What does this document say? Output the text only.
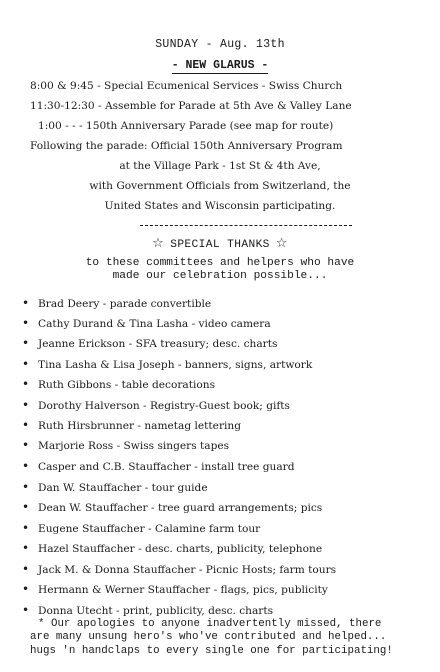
SUNDAY - Aug. 13th
- NEW GLARUS -
8:00 & 9:45 - Special Ecumenical Services - Swiss Church
11:30-12:30 - Assemble for Parade at 5th Ave & Valley Lane
1:00 - - - 150th Anniversary Parade (see map for route)
Following the parade: Official 150th Anniversary Program
at the Village Park - 1st St & 4th Ave,
with Government Officials from Switzerland, the
United States and Wisconsin participating.
☆ SPECIAL THANKS ☆
to these committees and helpers who have
made our celebration possible...
• Brad Deery - parade convertible
• Cathy Durand & Tina Lasha - video camera
• Jeanne Erickson - SFA treasury; desc. charts
• Tina Lasha & Lisa Joseph - banners, signs, artwork
• Ruth Gibbons - table decorations
• Dorothy Halverson - Registry-Guest book; gifts
• Ruth Hirsbrunner - nametag lettering
• Marjorie Ross - Swiss singers tapes
• Casper and C.B. Stauffacher - install tree guard
• Dan W. Stauffacher - tour guide
• Dean W. Stauffacher - tree guard arrangements; pics
• Eugene Stauffacher - Calamine farm tour
• Hazel Stauffacher - desc. charts, publicity, telephone
• Jack M. & Donna Stauffacher - Picnic Hosts; farm tours
• Hermann & Werner Stauffacher - flags, pics, publicity
• Donna Utecht - print, publicity, desc. charts
* Our apologies to anyone inadvertently missed, there
are many unsung hero's who've contributed and helped...
hugs 'n handclaps to every single one for participating!
